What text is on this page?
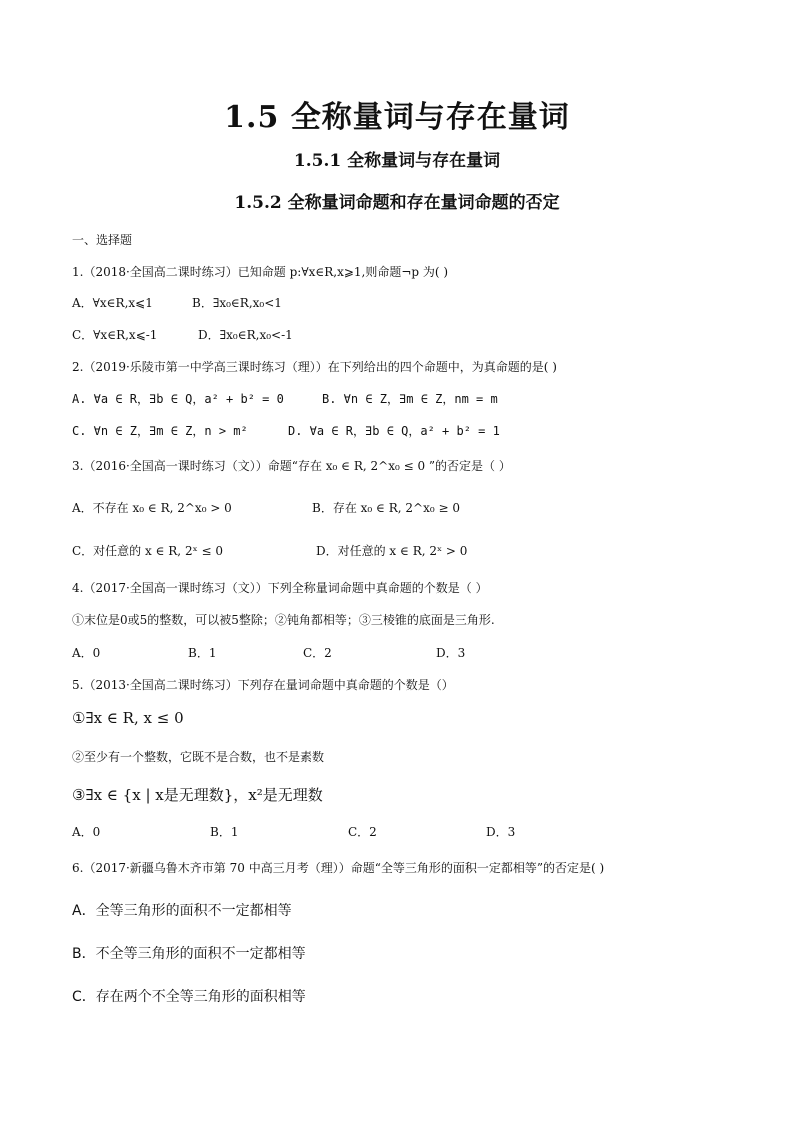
1.5 全称量词与存在量词
1.5.1 全称量词与存在量词
1.5.2 全称量词命题和存在量词命题的否定
一、选择题
1.（2018·全国高二课时练习）已知命题 p:∀x∈R,x⩾1,则命题¬p 为( )
A．∀x∈R,x⩽1	B．∃x₀∈R,x₀<1
C．∀x∈R,x⩽-1	D．∃x₀∈R,x₀<-1
2.（2019·乐陵市第一中学高三课时练习（理））在下列给出的四个命题中，为真命题的是( )
A. ∀a ∈ R，∃b ∈ Q，a² + b² = 0	B. ∀n ∈ Z，∃m ∈ Z，nm = m
C. ∀n ∈ Z，∃m ∈ Z，n > m²	D. ∀a ∈ R，∃b ∈ Q，a² + b² = 1
3.（2016·全国高一课时练习（文））命题“存在 x₀ ∈ R, 2^x₀ ≤ 0 ”的否定是（ ）
A．不存在 x₀ ∈ R, 2^x₀ > 0	B．存在 x₀ ∈ R, 2^x₀ ≥ 0
C．对任意的 x ∈ R, 2ˣ ≤ 0	D．对任意的 x ∈ R, 2ˣ > 0
4.（2017·全国高一课时练习（文））下列全称量词命题中真命题的个数是（ ）
①末位是0或5的整数，可以被5整除；②钝角都相等；③三棱锥的底面是三角形.
A．0	B．1	C．2	D．3
5.（2013·全国高二课时练习）下列存在量词命题中真命题的个数是（）
①∃x ∈ R, x ≤ 0
②至少有一个整数，它既不是合数，也不是素数
③∃x ∈ {x | x是无理数}，x²是无理数
A．0	B．1	C．2	D．3
6.（2017·新疆乌鲁木齐市第 70 中高三月考（理））命题“全等三角形的面积一定都相等”的否定是( )
A．全等三角形的面积不一定都相等
B．不全等三角形的面积不一定都相等
C．存在两个不全等三角形的面积相等
